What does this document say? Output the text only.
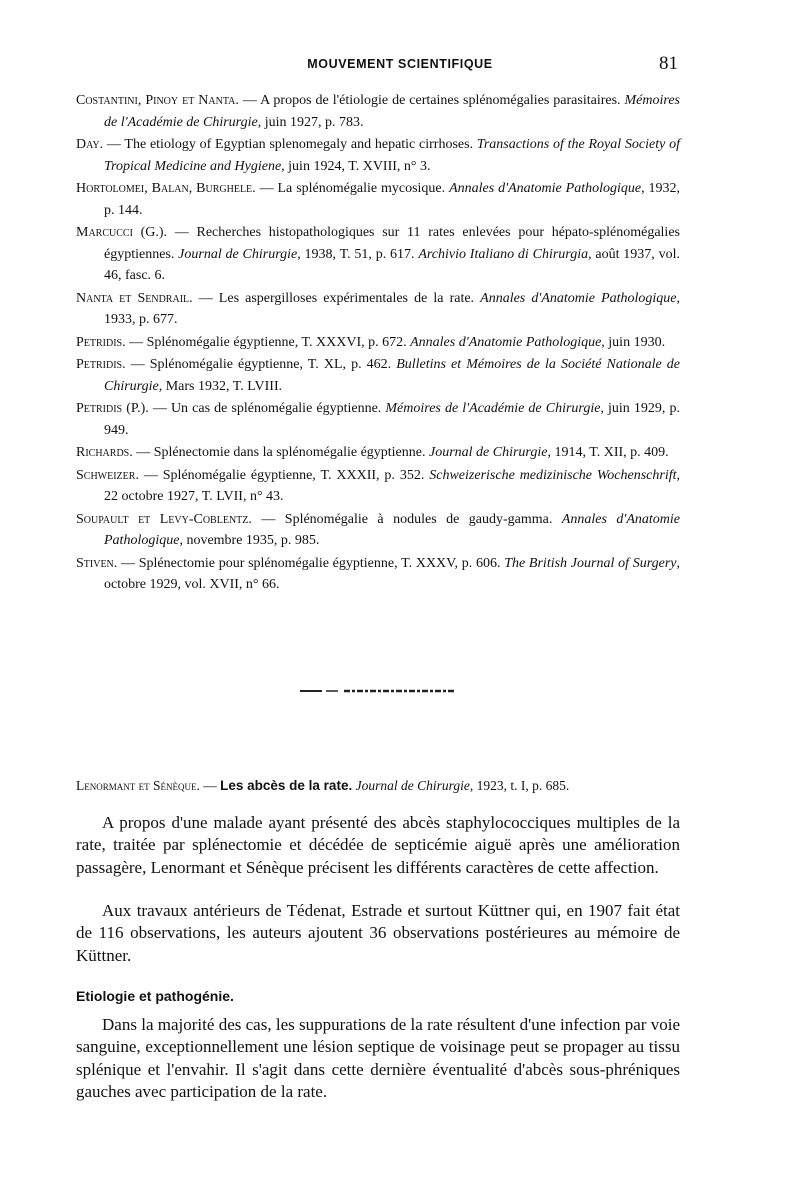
MOUVEMENT SCIENTIFIQUE	81

Costantini, Pinoy et Nanta. — A propos de l'étiologie de certaines splénomégalies parasitaires. Mémoires de l'Académie de Chirurgie, juin 1927, p. 783.

Day. — The etiology of Egyptian splenomegaly and hepatic cirrhoses. Transactions of the Royal Society of Tropical Medicine and Hygiene, juin 1924, T. XVIII, n° 3.

Hortolomei, Balan, Burghele. — La splénomégalie mycosique. Annales d'Anatomie Pathologique, 1932, p. 144.

Marcucci (G.). — Recherches histopathologiques sur 11 rates enlevées pour hépato-splénomégalies égyptiennes. Journal de Chirurgie, 1938, T. 51, p. 617. Archivio Italiano di Chirurgia, août 1937, vol. 46, fasc. 6.

Nanta et Sendrail. — Les aspergilloses expérimentales de la rate. Annales d'Anatomie Pathologique, 1933, p. 677.

Petridis. — Splénomégalie égyptienne, T. XXXVI, p. 672. Annales d'Anatomie Pathologique, juin 1930.

Petridis. — Splénomégalie égyptienne, T. XL, p. 462. Bulletins et Mémoires de la Société Nationale de Chirurgie, Mars 1932, T. LVIII.

Petridis (P.). — Un cas de splénomégalie égyptienne. Mémoires de l'Académie de Chirurgie, juin 1929, p. 949.

Richards. — Splénectomie dans la splénomégalie égyptienne. Journal de Chirurgie, 1914, T. XII, p. 409.

Schweizer. — Splénomégalie égyptienne, T. XXXII, p. 352. Schweizerische medizinische Wochenschrift, 22 octobre 1927, T. LVII, n° 43.

Soupault et Levy-Coblentz. — Splénomégalie à nodules de gaudy-gamma. Annales d'Anatomie Pathologique, novembre 1935, p. 985.

Stiven. — Splénectomie pour splénomégalie égyptienne, T. XXXV, p. 606. The British Journal of Surgery, octobre 1929, vol. XVII, n° 66.

Lenormant et Sénèque. — Les abcès de la rate. Journal de Chirurgie, 1923, t. I, p. 685.

A propos d'une malade ayant présenté des abcès staphylococciques multiples de la rate, traitée par splénectomie et décédée de septicémie aiguë après une amélioration passagère, Lenormant et Sénèque précisent les différents caractères de cette affection.

Aux travaux antérieurs de Tédenat, Estrade et surtout Küttner qui, en 1907 fait état de 116 observations, les auteurs ajoutent 36 observations postérieures au mémoire de Küttner.

Etiologie et pathogénie.

Dans la majorité des cas, les suppurations de la rate résultent d'une infection par voie sanguine, exceptionnellement une lésion septique de voisinage peut se propager au tissu splénique et l'envahir. Il s'agit dans cette dernière éventualité d'abcès sous-phréniques gauches avec participation de la rate.
